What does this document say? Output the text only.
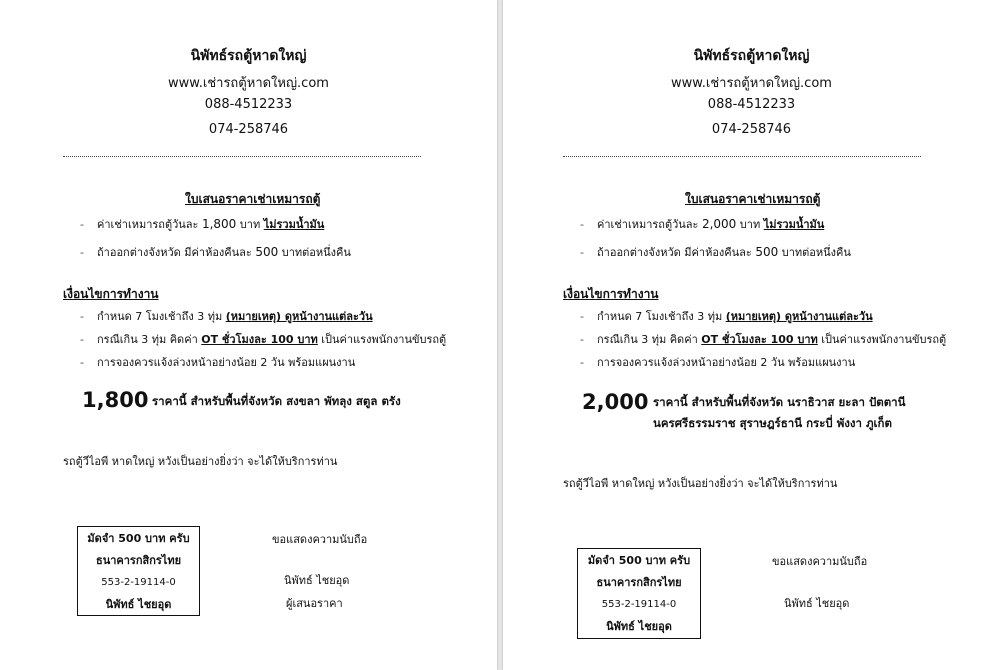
นิพัทธ์รถตู้หาดใหญ่
www.เช่ารถตู้หาดใหญ่.com
088-4512233
074-258746
ใบเสนอราคาเช่าเหมารถตู้
- ค่าเช่าเหมารถตู้วันละ 1,800 บาท ไม่รวมน้ำมัน
- ถ้าออกต่างจังหวัด มีค่าห้องคืนละ 500 บาทต่อหนึ่งคืน
เงื่อนไขการทำงาน
- กำหนด 7 โมงเช้าถึง 3 ทุ่ม (หมายเหตุ) ดูหน้างานแต่ละวัน
- กรณีเกิน 3 ทุ่ม คิดค่า OT ชั่วโมงละ 100 บาท เป็นค่าแรงพนักงานขับรถตู้
- การจองควรแจ้งล่วงหน้าอย่างน้อย 2 วัน พร้อมแผนงาน
1,800 ราคานี้ สำหรับพื้นที่จังหวัด สงขลา พัทลุง สตูล ตรัง
รถตู้วีไอพี หาดใหญ่ หวังเป็นอย่างยิ่งว่า จะได้ให้บริการท่าน
มัดจำ 500 บาท ครับ
ธนาคารกสิกรไทย
553-2-19114-0
นิพัทธ์ ไชยอุด
ขอแสดงความนับถือ
นิพัทธ์ ไชยอุด
ผู้เสนอราคา
นิพัทธ์รถตู้หาดใหญ่
www.เช่ารถตู้หาดใหญ่.com
088-4512233
074-258746
ใบเสนอราคาเช่าเหมารถตู้
- ค่าเช่าเหมารถตู้วันละ 2,000 บาท ไม่รวมน้ำมัน
- ถ้าออกต่างจังหวัด มีค่าห้องคืนละ 500 บาทต่อหนึ่งคืน
เงื่อนไขการทำงาน
- กำหนด 7 โมงเช้าถึง 3 ทุ่ม (หมายเหตุ) ดูหน้างานแต่ละวัน
- กรณีเกิน 3 ทุ่ม คิดค่า OT ชั่วโมงละ 100 บาท เป็นค่าแรงพนักงานขับรถตู้
- การจองควรแจ้งล่วงหน้าอย่างน้อย 2 วัน พร้อมแผนงาน
2,000 ราคานี้ สำหรับพื้นที่จังหวัด นราธิวาส ยะลา ปัตตานี
นครศรีธรรมราช สุราษฎร์ธานี กระบี่ พังงา ภูเก็ต
รถตู้วีไอพี หาดใหญ่ หวังเป็นอย่างยิ่งว่า จะได้ให้บริการท่าน
มัดจำ 500 บาท ครับ
ธนาคารกสิกรไทย
553-2-19114-0
นิพัทธ์ ไชยอุด
ขอแสดงความนับถือ
นิพัทธ์ ไชยอุด
